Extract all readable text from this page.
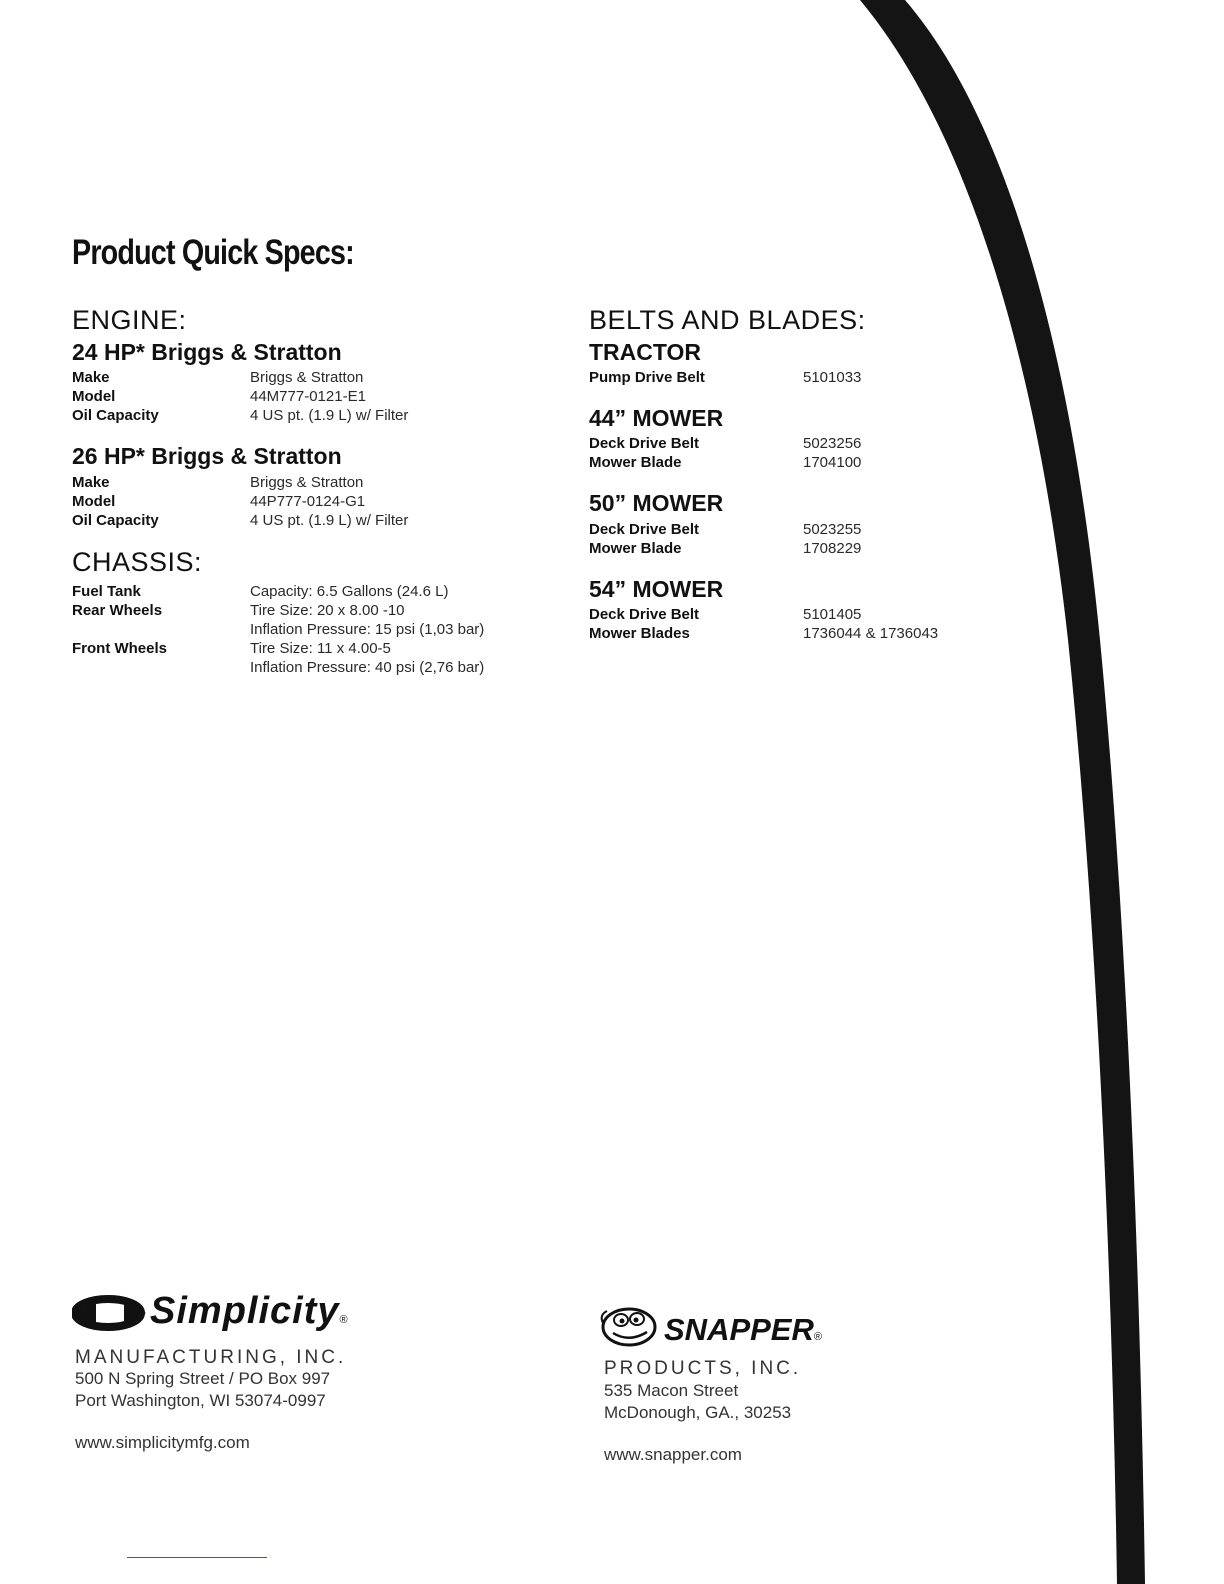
Product Quick Specs:
ENGINE:
24 HP* Briggs & Stratton
Make	Briggs & Stratton
Model	44M777-0121-E1
Oil Capacity	4 US pt. (1.9 L) w/ Filter
26 HP* Briggs & Stratton
Make	Briggs & Stratton
Model	44P777-0124-G1
Oil Capacity	4 US pt. (1.9 L) w/ Filter
CHASSIS:
Fuel Tank	Capacity: 6.5 Gallons (24.6 L)
Rear Wheels	Tire Size: 20 x 8.00 -10
Inflation Pressure: 15 psi (1,03 bar)
Front Wheels	Tire Size: 11 x 4.00-5
Inflation Pressure: 40 psi (2,76 bar)
BELTS AND BLADES:
TRACTOR
Pump Drive Belt	5101033
44” MOWER
Deck Drive Belt	5023256
Mower Blade	1704100
50” MOWER
Deck Drive Belt	5023255
Mower Blade	1708229
54” MOWER
Deck Drive Belt	5101405
Mower Blades	1736044 & 1736043
Simplicity®
MANUFACTURING, INC.
500 N Spring Street / PO Box 997
Port Washington, WI 53074-0997
www.simplicitymfg.com
SNAPPER®
PRODUCTS, INC.
535 Macon Street
McDonough, GA., 30253
www.snapper.com
